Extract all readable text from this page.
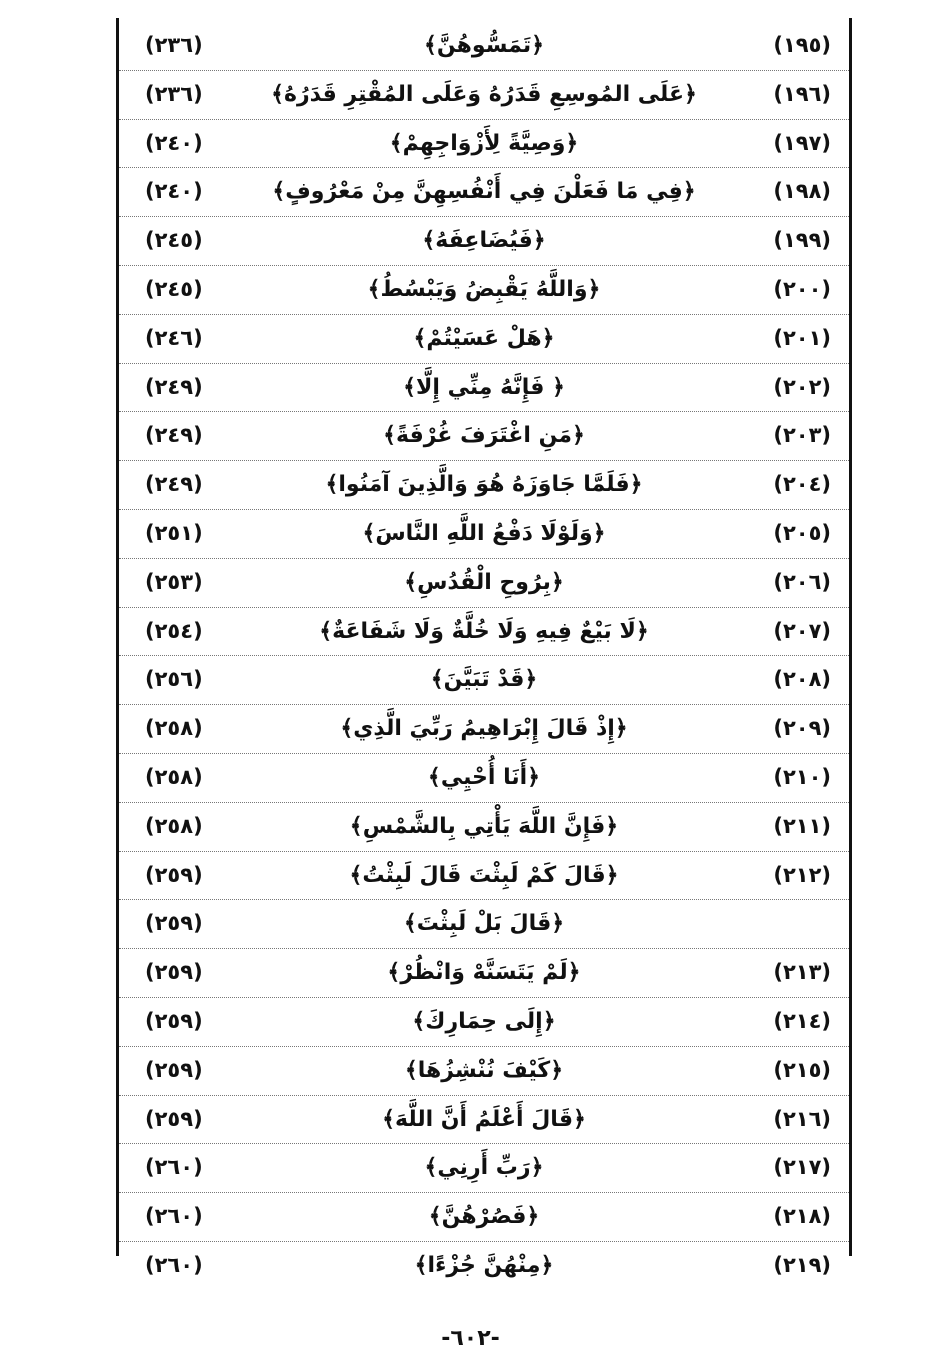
(٢٣٦)	﴿تَمَسُّوهُنَّ﴾	(١٩٥)
(٢٣٦)	﴿عَلَى المُوسِعِ قَدَرُهُ وَعَلَى المُقْتِرِ قَدَرُهُ﴾	(١٩٦)
(٢٤٠)	﴿وَصِيَّةً لِأَزْوَاجِهِمْ﴾	(١٩٧)
(٢٤٠)	﴿فِي مَا فَعَلْنَ فِي أَنْفُسِهِنَّ مِنْ مَعْرُوفٍ﴾	(١٩٨)
(٢٤٥)	﴿فَيُضَاعِفَهُ﴾	(١٩٩)
(٢٤٥)	﴿وَاللَّهُ يَقْبِضُ وَيَبْسُطُ﴾	(٢٠٠)
(٢٤٦)	﴿هَلْ عَسَيْتُمْ﴾	(٢٠١)
(٢٤٩)	﴿ فَإِنَّهُ مِنِّي إِلَّا﴾	(٢٠٢)
(٢٤٩)	﴿مَنِ اغْتَرَفَ غُرْفَةً﴾	(٢٠٣)
(٢٤٩)	﴿فَلَمَّا جَاوَزَهُ هُوَ وَالَّذِينَ آمَنُوا﴾	(٢٠٤)
(٢٥١)	﴿وَلَوْلَا دَفْعُ اللَّهِ النَّاسَ﴾	(٢٠٥)
(٢٥٣)	﴿بِرُوحِ الْقُدُسِ﴾	(٢٠٦)
(٢٥٤)	﴿لَا بَيْعٌ فِيهِ وَلَا خُلَّةٌ وَلَا شَفَاعَةٌ﴾	(٢٠٧)
(٢٥٦)	﴿قَدْ تَبَيَّنَ﴾	(٢٠٨)
(٢٥٨)	﴿إِذْ قَالَ إِبْرَاهِيمُ رَبِّيَ الَّذِي﴾	(٢٠٩)
(٢٥٨)	﴿أَنَا أُحْيِي﴾	(٢١٠)
(٢٥٨)	﴿فَإِنَّ اللَّهَ يَأْتِي بِالشَّمْسِ﴾	(٢١١)
(٢٥٩)	﴿قَالَ كَمْ لَبِثْتَ قَالَ لَبِثْتُ﴾	(٢١٢)
(٢٥٩)	﴿قَالَ بَلْ لَبِثْتَ﴾
(٢٥٩)	﴿لَمْ يَتَسَنَّهْ وَانْظُرْ﴾	(٢١٣)
(٢٥٩)	﴿إِلَى حِمَارِكَ﴾	(٢١٤)
(٢٥٩)	﴿كَيْفَ نُنْشِزُهَا﴾	(٢١٥)
(٢٥٩)	﴿قَالَ أَعْلَمُ أَنَّ اللَّهَ﴾	(٢١٦)
(٢٦٠)	﴿رَبِّ أَرِنِي﴾	(٢١٧)
(٢٦٠)	﴿فَصُرْهُنَّ﴾	(٢١٨)
(٢٦٠)	﴿مِنْهُنَّ جُزْءًا﴾	(٢١٩)
-٦٠٢-
